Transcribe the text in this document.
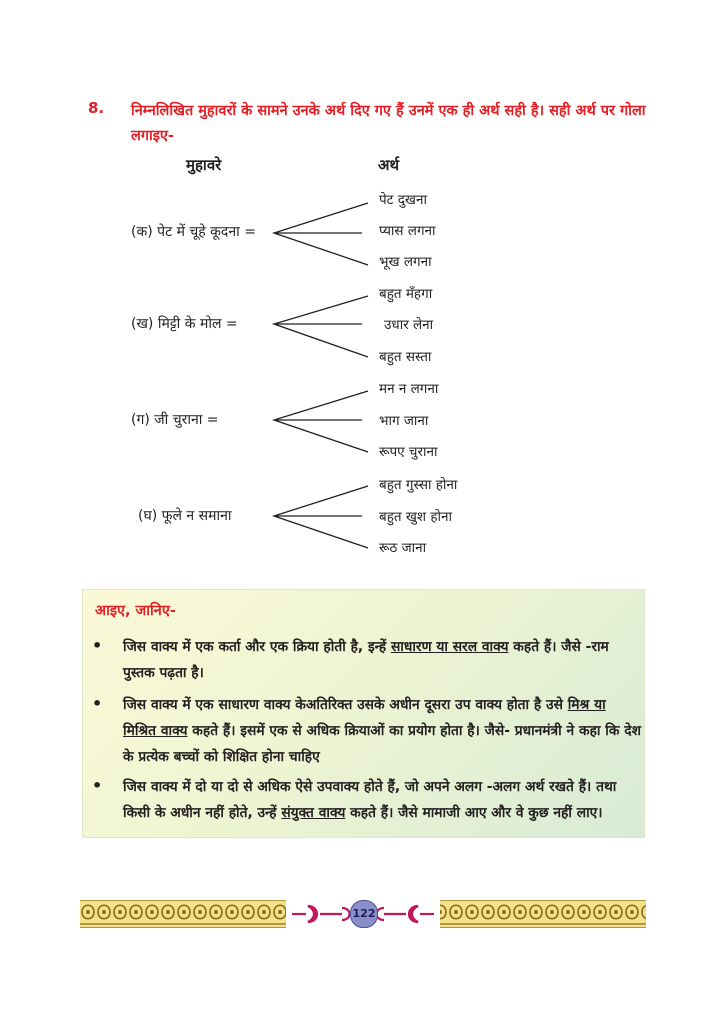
8. निम्नलिखित मुहावरों के सामने उनके अर्थ दिए गए हैं उनमें एक ही अर्थ सही है। सही अर्थ पर गोला लगाइए-
मुहावरे	अर्थ
(क) पेट में चूहे कूदना =
(ख) मिट्टी के मोल =
(ग) जी चुराना =
(घ) फूले न समाना
पेट दुखना
प्यास लगना
भूख लगना
बहुत मँहगा
उधार लेना
बहुत सस्ता
मन न लगना
भाग जाना
रूपए चुराना
बहुत गुस्सा होना
बहुत खुश होना
रूठ जाना
आइए, जानिए-
• जिस वाक्य में एक कर्ता और एक क्रिया होती है, इन्हें साधारण या सरल वाक्य कहते हैं। जैसे -राम पुस्तक पढ़ता है।
• जिस वाक्य में एक साधारण वाक्य केअतिरिक्त उसके अधीन दूसरा उप वाक्य होता है उसे मिश्र या मिश्रित वाक्य कहते हैं। इसमें एक से अधिक क्रियाओं का प्रयोग होता है। जैसे- प्रधानमंत्री ने कहा कि देश के प्रत्येक बच्चों को शिक्षित होना चाहिए
• जिस वाक्य में दो या दो से अधिक ऐसे उपवाक्य होते हैं, जो अपने अलग -अलग अर्थ रखते हैं। तथा किसी के अधीन नहीं होते, उन्हें संयुक्त वाक्य कहते हैं। जैसे मामाजी आए और वे कुछ नहीं लाए।
122
